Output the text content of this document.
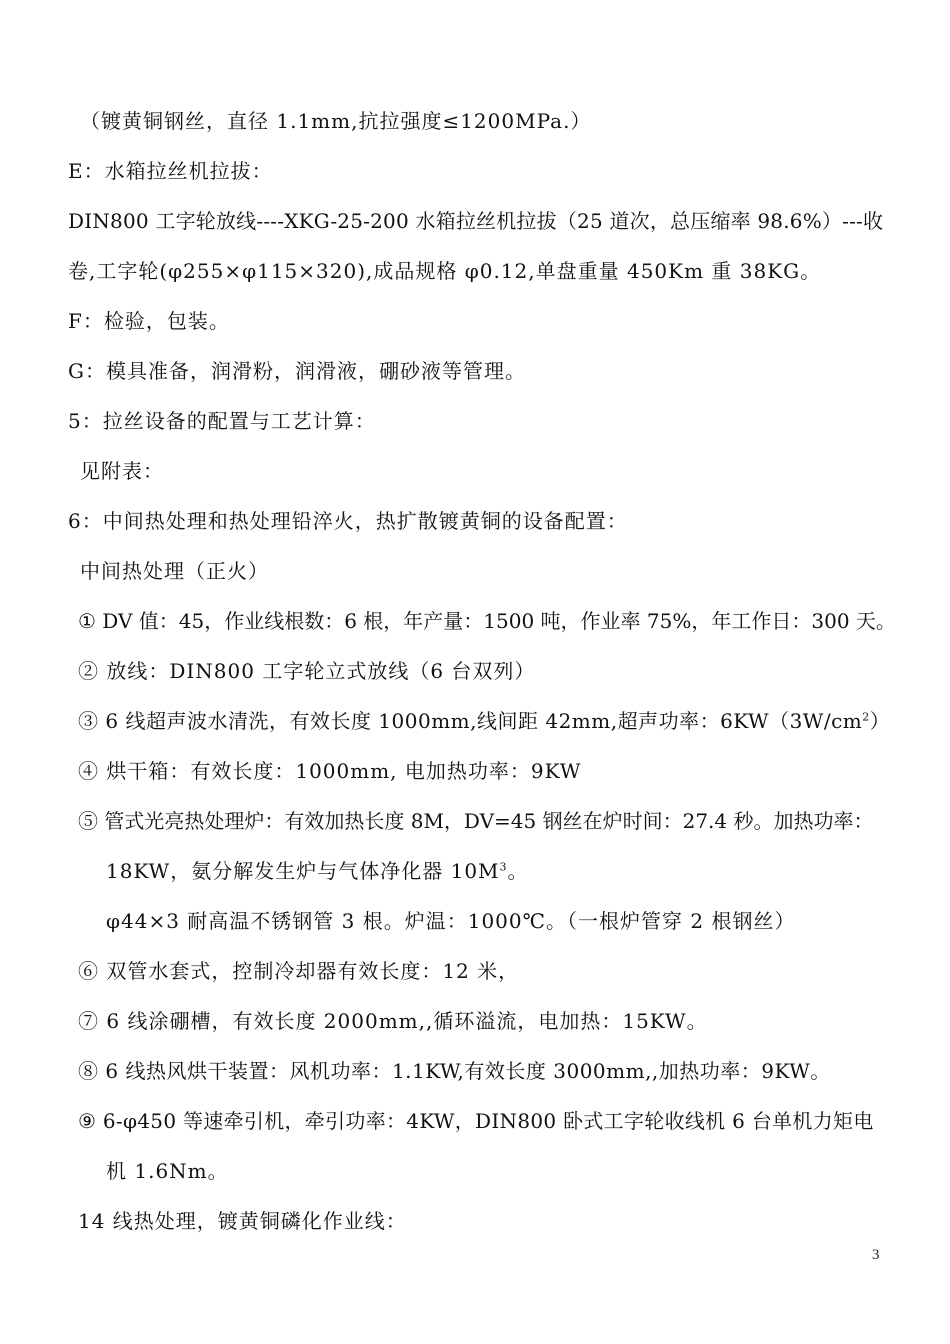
（镀黄铜钢丝，直径 1.1mm,抗拉强度≤1200MPa.）
E：水箱拉丝机拉拔：
DIN800 工字轮放线----XKG-25-200 水箱拉丝机拉拔（25 道次，总压缩率 98.6%）---收
卷,工字轮(φ255×φ115×320),成品规格 φ0.12,单盘重量 450Km 重 38KG。
F：检验，包装。
G：模具准备，润滑粉，润滑液，硼砂液等管理。
5：拉丝设备的配置与工艺计算：
见附表：
6：中间热处理和热处理铅淬火，热扩散镀黄铜的设备配置：
中间热处理（正火）
① DV 值：45，作业线根数：6 根，年产量：1500 吨，作业率 75%，年工作日：300 天。
② 放线：DIN800 工字轮立式放线（6 台双列）
③ 6 线超声波水清洗，有效长度 1000mm,线间距 42mm,超声功率：$6KW(3W/cm^2)$
④ 烘干箱：有效长度：1000mm, 电加热功率：9KW
⑤ 管式光亮热处理炉：有效加热长度 8M，DV=45 钢丝在炉时间：27.4 秒。加热功率：
18KW，氨分解发生炉与气体净化器 $10M^3$。
φ44×3 耐高温不锈钢管 3 根。炉温：1000℃。（一根炉管穿 2 根钢丝）
⑥ 双管水套式，控制冷却器有效长度：12 米，
⑦ 6 线涂硼槽，有效长度 2000mm,,循环溢流，电加热：15KW。
⑧ 6 线热风烘干装置：风机功率：1.1KW,有效长度 3000mm,,加热功率：9KW。
⑨ 6-φ450 等速牵引机，牵引功率：4KW，DIN800 卧式工字轮收线机 6 台单机力矩电
机 1.6Nm。
14 线热处理，镀黄铜磷化作业线：
3
